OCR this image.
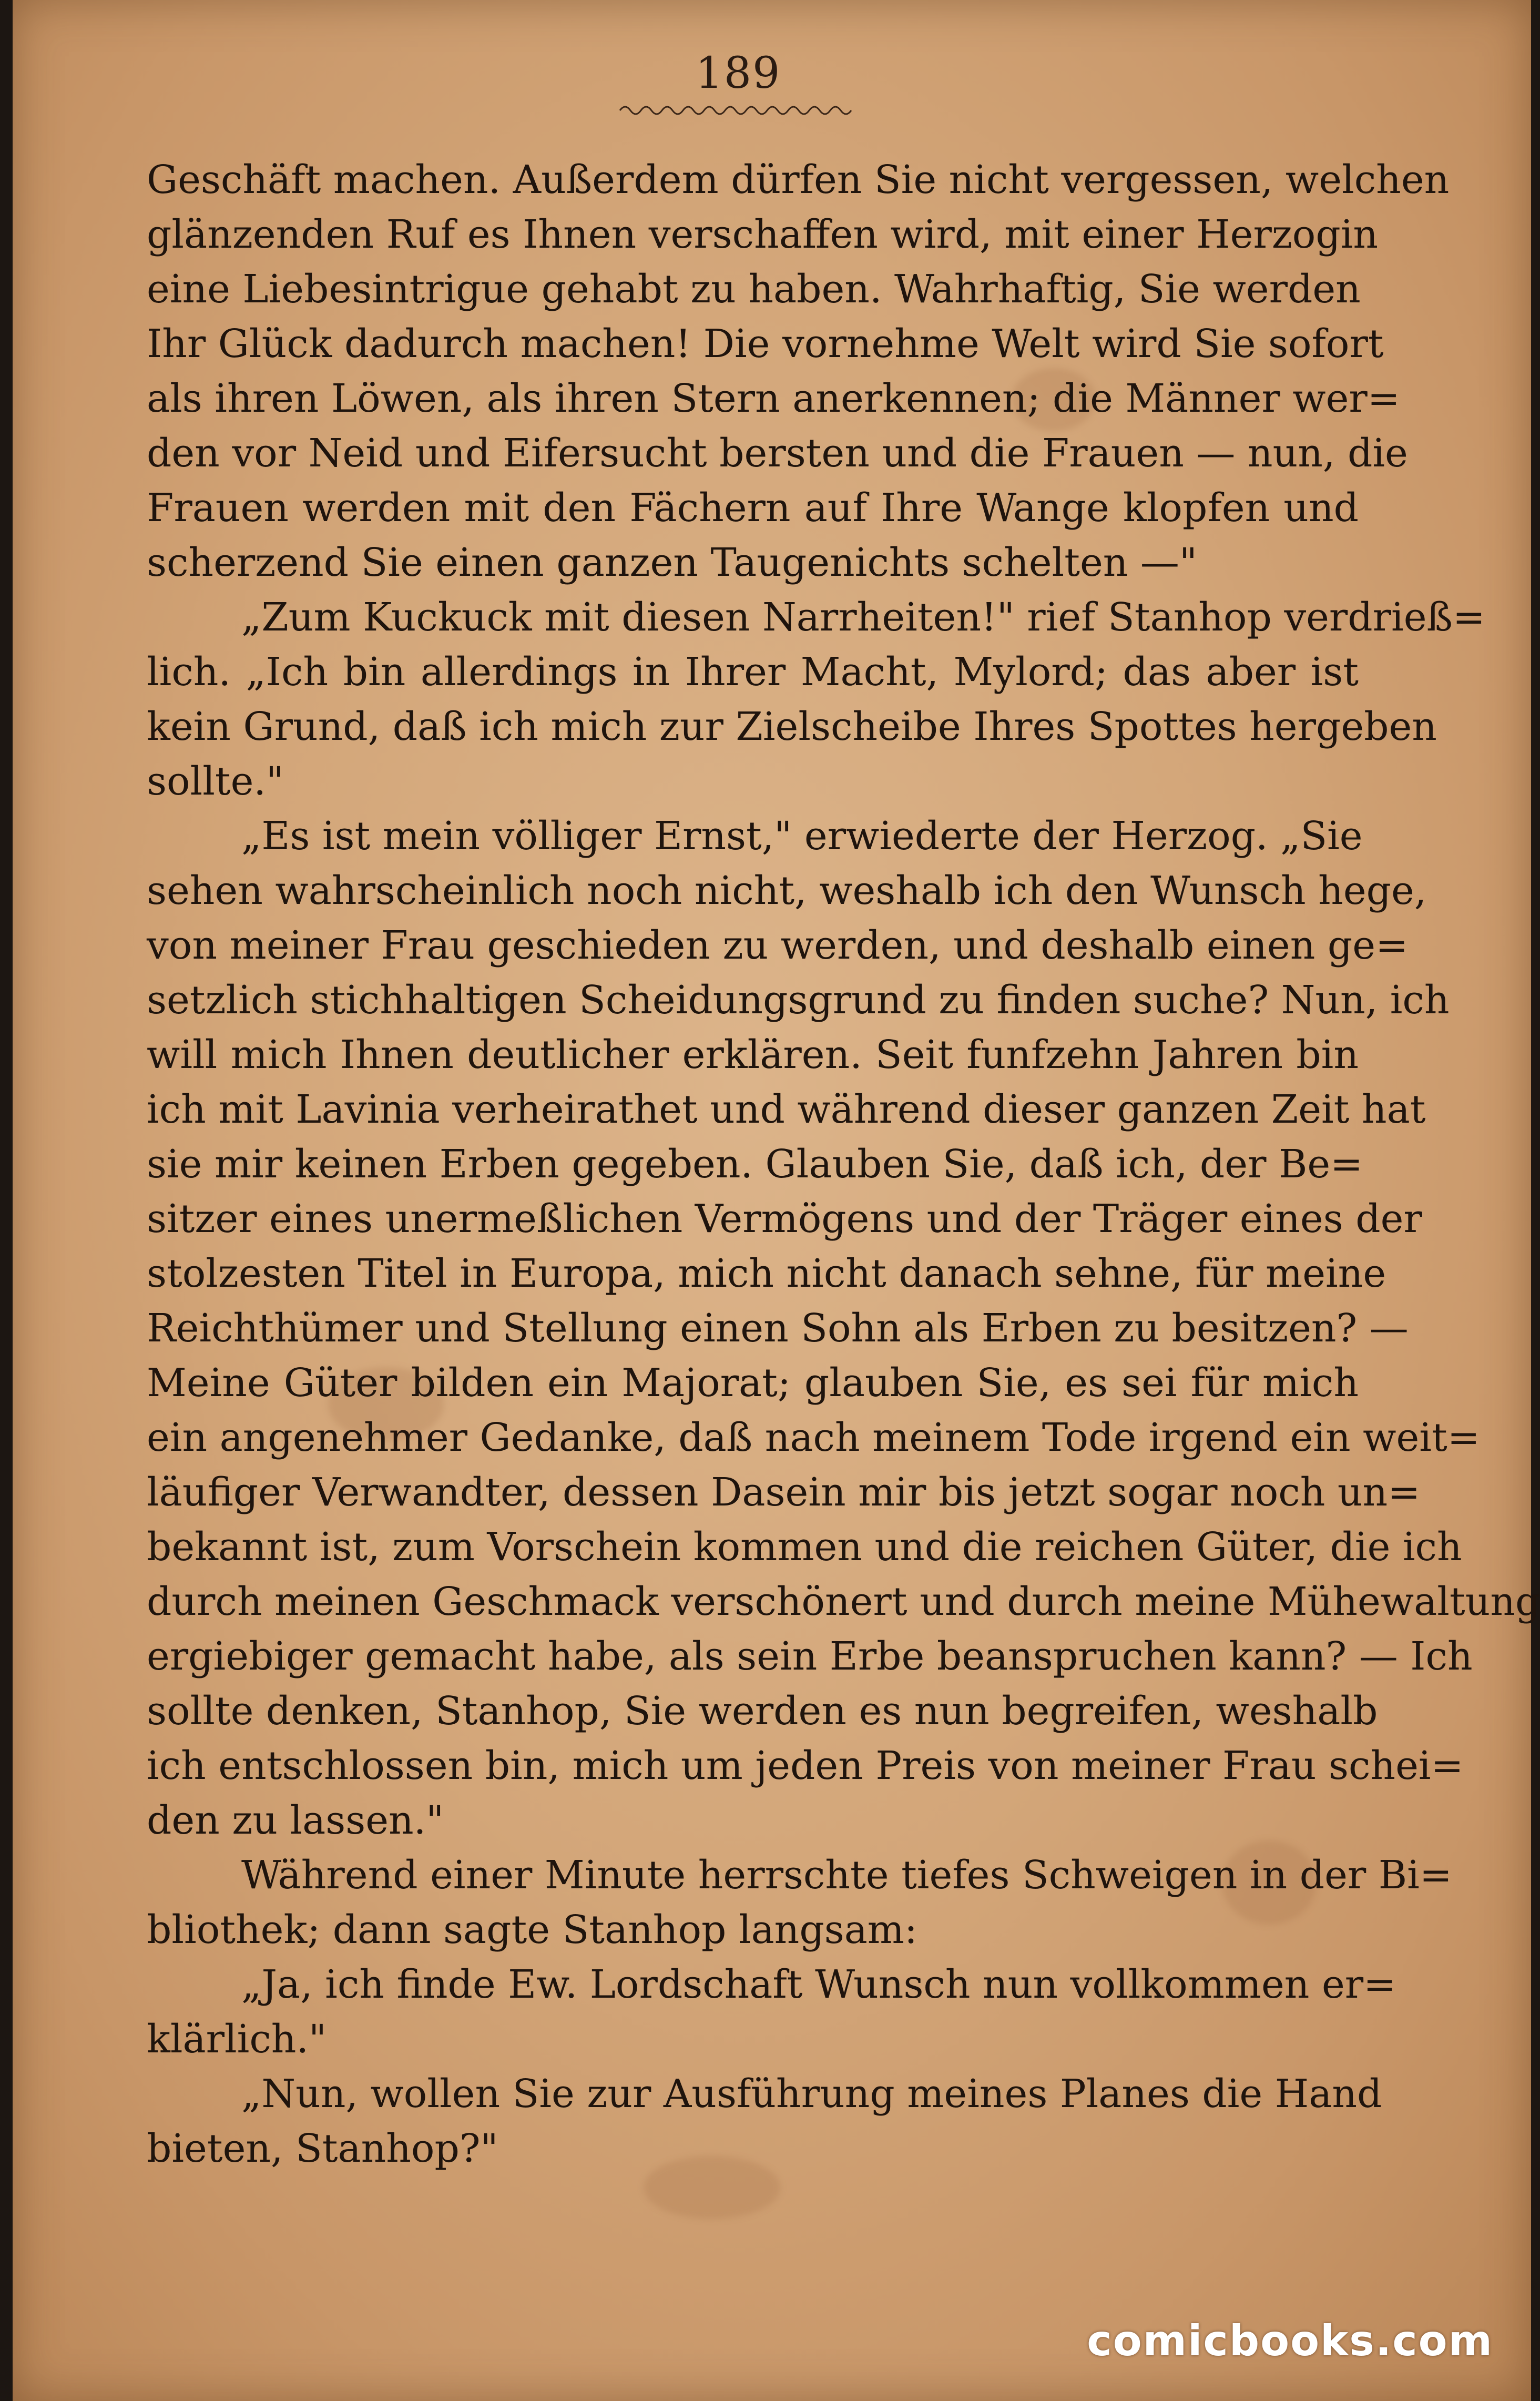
189
Geschäft machen. Außerdem dürfen Sie nicht vergessen, welchen
glänzenden Ruf es Ihnen verschaffen wird, mit einer Herzogin
eine Liebesintrigue gehabt zu haben. Wahrhaftig, Sie werden
Ihr Glück dadurch machen! Die vornehme Welt wird Sie sofort
als ihren Löwen, als ihren Stern anerkennen; die Männer wer=
den vor Neid und Eifersucht bersten und die Frauen — nun, die
Frauen werden mit den Fächern auf Ihre Wange klopfen und
scherzend Sie einen ganzen Taugenichts schelten —"
„Zum Kuckuck mit diesen Narrheiten!" rief Stanhop verdrieß=
lich. „Ich bin allerdings in Ihrer Macht, Mylord; das aber ist
kein Grund, daß ich mich zur Zielscheibe Ihres Spottes hergeben
sollte."
„Es ist mein völliger Ernst," erwiederte der Herzog. „Sie
sehen wahrscheinlich noch nicht, weshalb ich den Wunsch hege,
von meiner Frau geschieden zu werden, und deshalb einen ge=
setzlich stichhaltigen Scheidungsgrund zu finden suche? Nun, ich
will mich Ihnen deutlicher erklären. Seit funfzehn Jahren bin
ich mit Lavinia verheirathet und während dieser ganzen Zeit hat
sie mir keinen Erben gegeben. Glauben Sie, daß ich, der Be=
sitzer eines unermeßlichen Vermögens und der Träger eines der
stolzesten Titel in Europa, mich nicht danach sehne, für meine
Reichthümer und Stellung einen Sohn als Erben zu besitzen? —
Meine Güter bilden ein Majorat; glauben Sie, es sei für mich
ein angenehmer Gedanke, daß nach meinem Tode irgend ein weit=
läufiger Verwandter, dessen Dasein mir bis jetzt sogar noch un=
bekannt ist, zum Vorschein kommen und die reichen Güter, die ich
durch meinen Geschmack verschönert und durch meine Mühewaltung
ergiebiger gemacht habe, als sein Erbe beanspruchen kann? — Ich
sollte denken, Stanhop, Sie werden es nun begreifen, weshalb
ich entschlossen bin, mich um jeden Preis von meiner Frau schei=
den zu lassen."
Während einer Minute herrschte tiefes Schweigen in der Bi=
bliothek; dann sagte Stanhop langsam:
„Ja, ich finde Ew. Lordschaft Wunsch nun vollkommen er=
klärlich."
„Nun, wollen Sie zur Ausführung meines Planes die Hand
bieten, Stanhop?"
comicbooks.com
